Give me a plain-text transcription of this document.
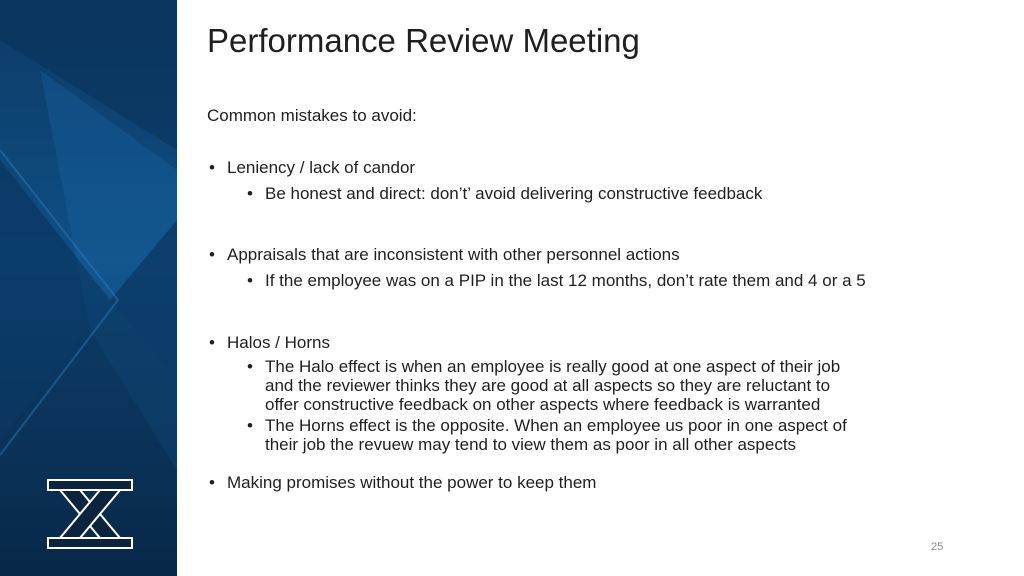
Performance Review Meeting
Common mistakes to avoid:
• Leniency / lack of candor
• Be honest and direct: don’t’ avoid delivering constructive feedback
• Appraisals that are inconsistent with other personnel actions
• If the employee was on a PIP in the last 12 months, don’t rate them and 4 or a 5
• Halos / Horns
• The Halo effect is when an employee is really good at one aspect of their job
and the reviewer thinks they are good at all aspects so they are reluctant to
offer constructive feedback on other aspects where feedback is warranted
• The Horns effect is the opposite. When an employee us poor in one aspect of
their job the revuew may tend to view them as poor in all other aspects
• Making promises without the power to keep them
25
